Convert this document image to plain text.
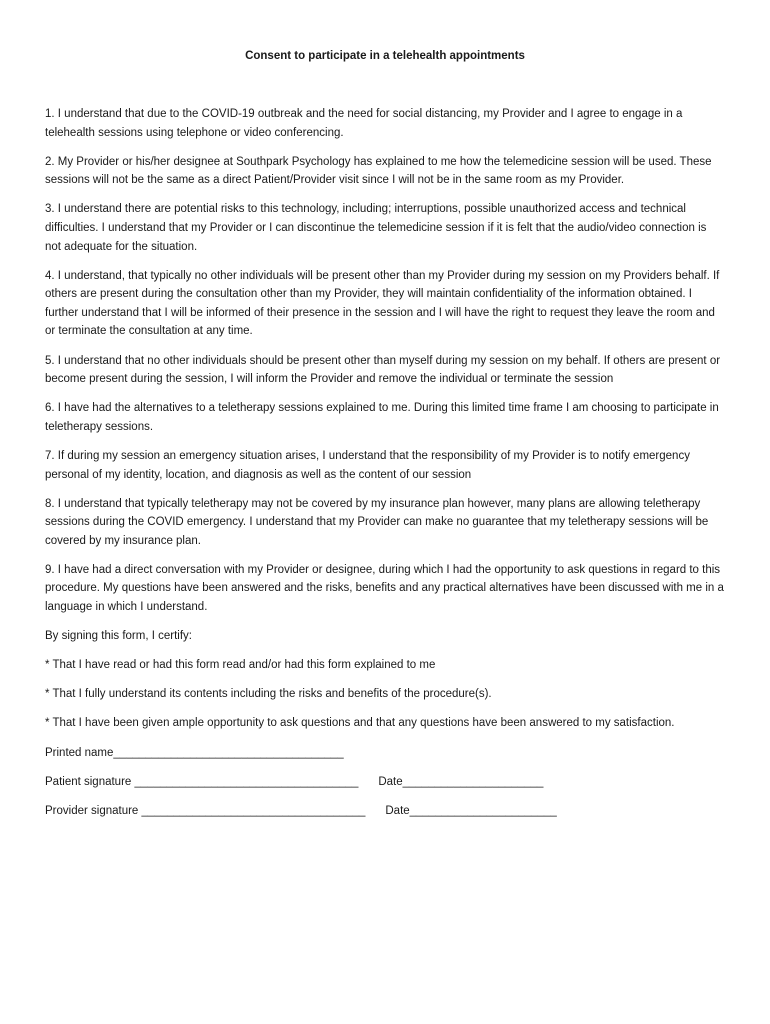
Consent to participate in a telehealth appointments

1. I understand that due to the COVID-19 outbreak and the need for social distancing, my Provider and I agree to engage in a telehealth sessions using telephone or video conferencing.

2. My Provider or his/her designee at Southpark Psychology has explained to me how the telemedicine session will be used. These sessions will not be the same as a direct Patient/Provider visit since I will not be in the same room as my Provider.

3. I understand there are potential risks to this technology, including; interruptions, possible unauthorized access and technical difficulties. I understand that my Provider or I can discontinue the telemedicine session if it is felt that the audio/video connection is not adequate for the situation.

4. I understand, that typically no other individuals will be present other than my Provider during my session on my Providers behalf. If others are present during the consultation other than my Provider, they will maintain confidentiality of the information obtained. I further understand that I will be informed of their presence in the session and I will have the right to request they leave the room and or terminate the consultation at any time.

5. I understand that no other individuals should be present other than myself during my session on my behalf. If others are present or become present during the session, I will inform the Provider and remove the individual or terminate the session

6. I have had the alternatives to a teletherapy sessions explained to me. During this limited time frame I am choosing to participate in teletherapy sessions.

7. If during my session an emergency situation arises, I understand that the responsibility of my Provider is to notify emergency personal of my identity, location, and diagnosis as well as the content of our session

8. I understand that typically teletherapy may not be covered by my insurance plan however, many plans are allowing teletherapy sessions during the COVID emergency. I understand that my Provider can make no guarantee that my teletherapy sessions will be covered by my insurance plan.

9. I have had a direct conversation with my Provider or designee, during which I had the opportunity to ask questions in regard to this procedure. My questions have been answered and the risks, benefits and any practical alternatives have been discussed with me in a language in which I understand.

By signing this form, I certify:

* That I have read or had this form read and/or had this form explained to me

* That I fully understand its contents including the risks and benefits of the procedure(s).

* That I have been given ample opportunity to ask questions and that any questions have been answered to my satisfaction.

Printed name____________________________________
Patient signature ___________________________________ Date______________________
Provider signature ___________________________________ Date_______________________
